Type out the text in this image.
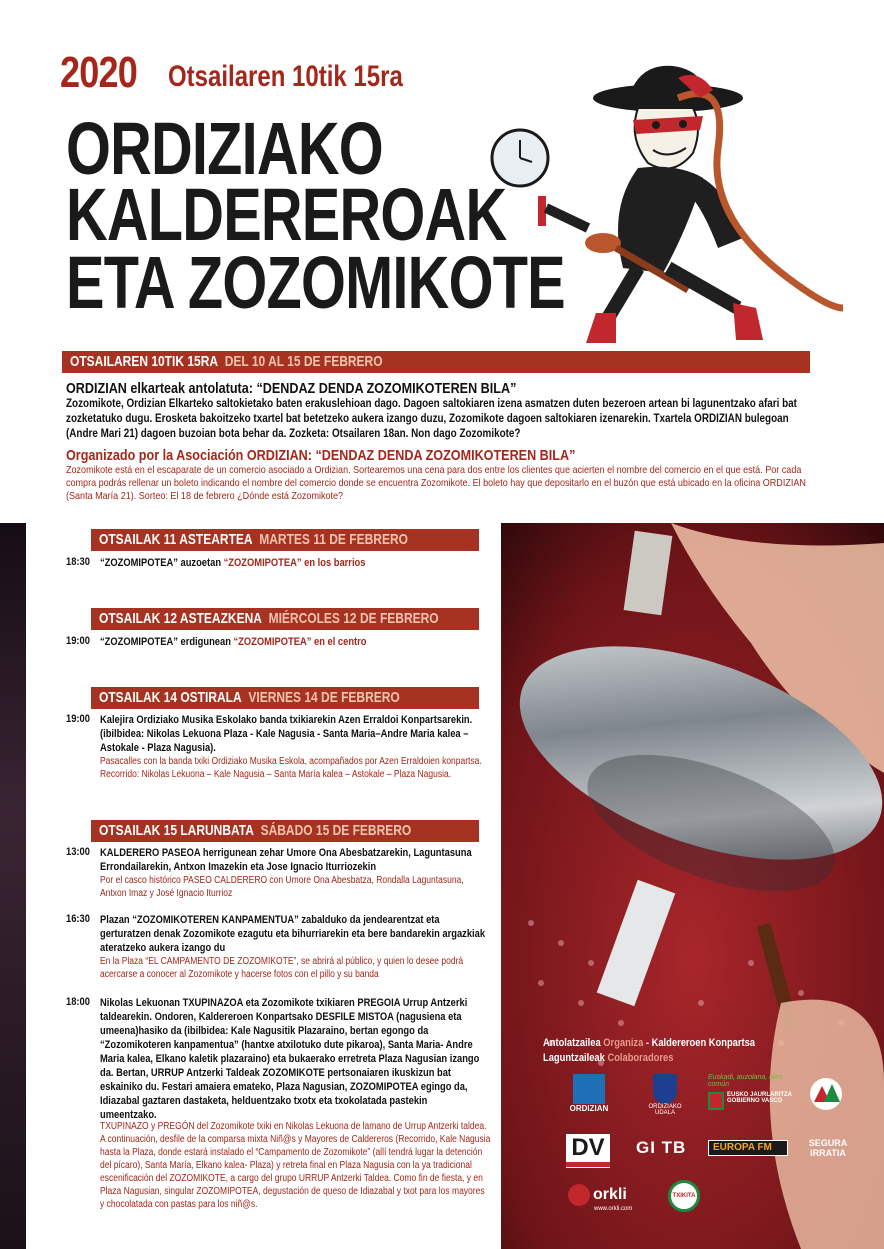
2020 Otsailaren 10tik 15ra
ORDIZIAKO
KALDEREROAK
ETA ZOZOMIKOTE
OTSAILAREN 10TIK 15RA DEL 10 AL 15 DE FEBRERO
ORDIZIAN elkarteak antolatuta: “DENDAZ DENDA ZOZOMIKOTEREN BILA”
Zozomikote, Ordizian Elkarteko saltokietako baten erakuslehioan dago. Dagoen saltokiaren izena asmatzen duten bezeroen artean bi lagunentzako afari bat zozketatuko dugu. Erosketa bakoitzeko txartel bat betetzeko aukera izango duzu, Zozomikote dagoen saltokiaren izenarekin. Txartela ORDIZIAN bulegoan (Andre Mari 21) dagoen buzoian bota behar da. Zozketa: Otsailaren 18an. Non dago Zozomikote?
Organizado por la Asociación ORDIZIAN: “DENDAZ DENDA ZOZOMIKOTEREN BILA”
Zozomikote está en el escaparate de un comercio asociado a Ordizian. Sortearemos una cena para dos entre los clientes que acierten el nombre del comercio en el que está. Por cada compra podrás rellenar un boleto indicando el nombre del comercio donde se encuentra Zozomikote. El boleto hay que depositarlo en el buzón que está ubicado en la oficina ORDIZIAN (Santa María 21). Sorteo: El 18 de febrero ¿Dónde está Zozomikote?
OTSAILAK 11 ASTEARTEA MARTES 11 DE FEBRERO
18:30 “ZOZOMIPOTEA” auzoetan “ZOZOMIPOTEA” en los barrios
OTSAILAK 12 ASTEAZKENA MIÉRCOLES 12 DE FEBRERO
19:00 “ZOZOMIPOTEA” erdigunean “ZOZOMIPOTEA” en el centro
OTSAILAK 14 OSTIRALA VIERNES 14 DE FEBRERO
19:00 Kalejira Ordiziako Musika Eskolako banda txikiarekin Azen Erraldoi Konpartsarekin. (ibilbidea: Nikolas Lekuona Plaza - Kale Nagusia - Santa Maria–Andre Maria kalea – Astokale - Plaza Nagusia).
Pasacalles con la banda txiki Ordiziako Musika Eskola, acompañados por Azen Erraldoien konpartsa. Recorrido: Nikolas Lekuona – Kale Nagusia – Santa María kalea – Astokale – Plaza Nagusia.
OTSAILAK 15 LARUNBATA SÁBADO 15 DE FEBRERO
13:00 KALDERERO PASEOA herrigunean zehar Umore Ona Abesbatzarekin, Laguntasuna Errondailarekin, Antxon Imazekin eta Jose Ignacio Iturriozekin
Por el casco histórico PASEO CALDERERO con Umore Ona Abesbatza, Rondalla Laguntasuna, Antxon Imaz y José Ignacio Iturrioz
16:30 Plazan “ZOZOMIKOTEREN KANPAMENTUA” zabalduko da jendearentzat eta gerturatzen denak Zozomikote ezagutu eta bihurriarekin eta bere bandarekin argazkiak ateratzeko aukera izango du
En la Plaza “EL CAMPAMENTO DE ZOZOMIKOTE”, se abrirá al público, y quien lo desee podrá acercarse a conocer al Zozomikote y hacerse fotos con el pillo y su banda
18:00 Nikolas Lekuonan TXUPINAZOA eta Zozomikote txikiaren PREGOIA Urrup Antzerki taldearekin. Ondoren, Kaldereroen Konpartsako DESFILE MISTOA (nagusiena eta umeena)hasiko da (ibilbidea: Kale Nagusitik Plazaraino, bertan egongo da “Zozomikoteren kanpamentua” (hantxe atxilotuko dute pikaroa), Santa Maria- Andre Maria kalea, Elkano kaletik plazaraino) eta bukaerako erretreta Plaza Nagusian izango da. Bertan, URRUP Antzerki Taldeak ZOZOMIKOTE pertsonaiaren ikuskizun bat eskainiko du. Festari amaiera emateko, Plaza Nagusian, ZOZOMIPOTEA egingo da, Idiazabal gaztaren dastaketa, helduentzako txotx eta txokolatada pastekin umeentzako.
TXUPINAZO y PREGÓN del Zozomikote txiki en Nikolas Lekuona de lamano de Urrup Antzerki taldea. A continuación, desfile de la comparsa mixta Niñ@s y Mayores de Caldereros (Recorrido, Kale Nagusia hasta la Plaza, donde estará instalado el “Campamento de Zozomikote” (allí tendrá lugar la detención del pícaro), Santa María, Elkano kalea- Plaza) y retreta final en Plaza Nagusia con la ya tradicional escenificación del ZOZOMIKOTE, a cargo del grupo URRUP Antzerki Taldea. Como fin de fiesta, y en Plaza Nagusian, singular ZOZOMIPOTEA, degustación de queso de Idiazabal y txot para los mayores y chocolatada con pastas para los niñ@s.
Antolatzailea Organiza - Kaldereroen Konpartsa
Laguntzaileak Colaboradores
ORDIZIAN	ORDIZIAKO UDALA
Euskadi, auzolana, bien común
EUSKO JAURLARITZA
GOBIERNO VASCO
DV	GI TB	EUROPA FM	SEGURA IRRATIA
orkli
www.orkli.com
TXIKITA
